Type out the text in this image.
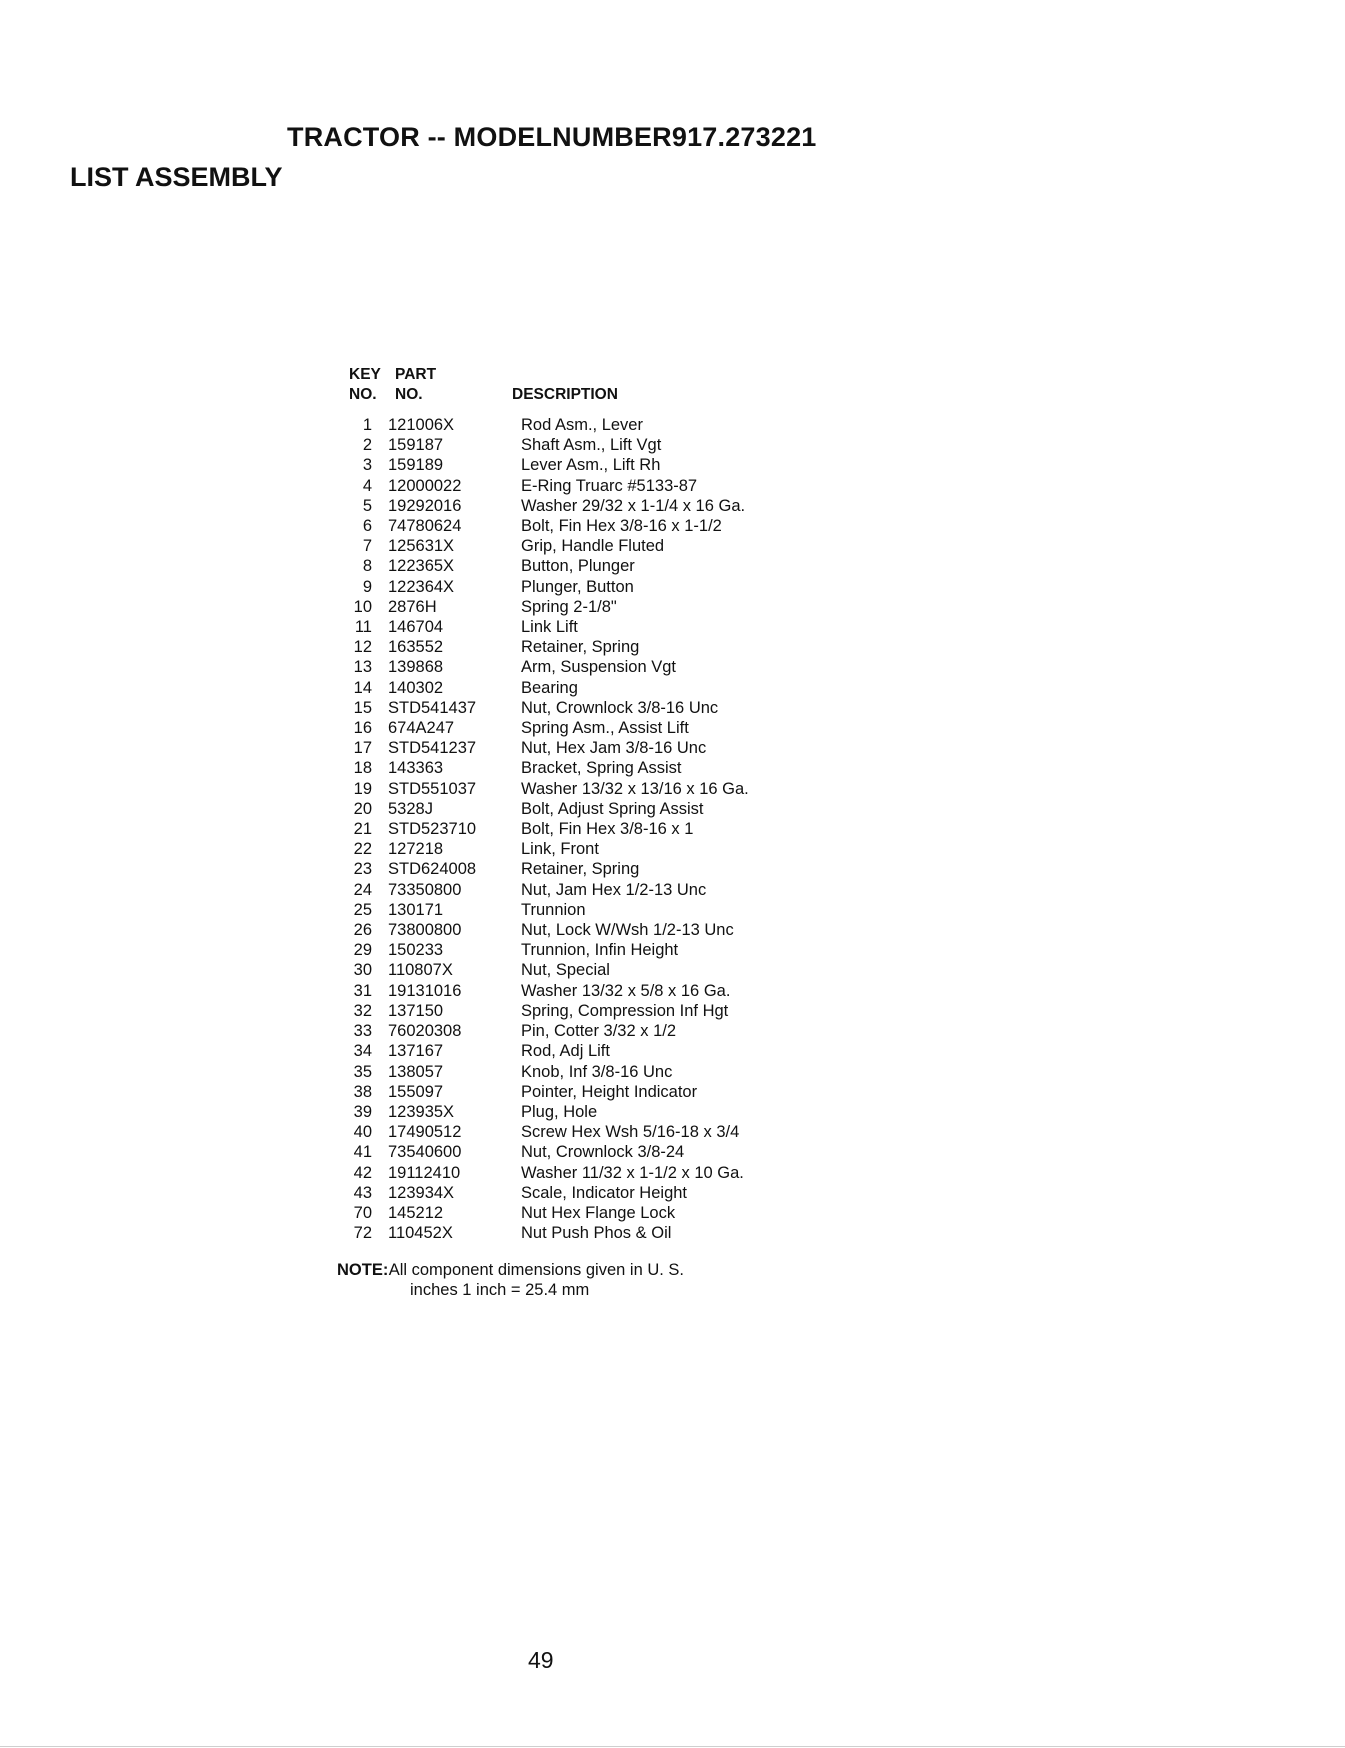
TRACTOR -- MODELNUMBER917.273221
LIST ASSEMBLY
KEY
NO.
PART
NO.	DESCRIPTION
1	121006X	Rod Asm., Lever
2	159187	Shaft Asm., Lift Vgt
3	159189	Lever Asm., Lift Rh
4	12000022	E-Ring Truarc #5133-87
5	19292016	Washer 29/32 x 1-1/4 x 16 Ga.
6	74780624	Bolt, Fin Hex 3/8-16 x 1-1/2
7	125631X	Grip, Handle Fluted
8	122365X	Button, Plunger
9	122364X	Plunger, Button
10	2876H	Spring 2-1/8"
11	146704	Link Lift
12	163552	Retainer, Spring
13	139868	Arm, Suspension Vgt
14	140302	Bearing
15	STD541437	Nut, Crownlock 3/8-16 Unc
16	674A247	Spring Asm., Assist Lift
17	STD541237	Nut, Hex Jam 3/8-16 Unc
18	143363	Bracket, Spring Assist
19	STD551037	Washer 13/32 x 13/16 x 16 Ga.
20	5328J	Bolt, Adjust Spring Assist
21	STD523710	Bolt, Fin Hex 3/8-16 x 1
22	127218	Link, Front
23	STD624008	Retainer, Spring
24	73350800	Nut, Jam Hex 1/2-13 Unc
25	130171	Trunnion
26	73800800	Nut, Lock W/Wsh 1/2-13 Unc
29	150233	Trunnion, Infin Height
30	110807X	Nut, Special
31	19131016	Washer 13/32 x 5/8 x 16 Ga.
32	137150	Spring, Compression Inf Hgt
33	76020308	Pin, Cotter 3/32 x 1/2
34	137167	Rod, Adj Lift
35	138057	Knob, Inf 3/8-16 Unc
38	155097	Pointer, Height Indicator
39	123935X	Plug, Hole
40	17490512	Screw Hex Wsh 5/16-18 x 3/4
41	73540600	Nut, Crownlock 3/8-24
42	19112410	Washer 11/32 x 1-1/2 x 10 Ga.
43	123934X	Scale, Indicator Height
70	145212	Nut Hex Flange Lock
72	110452X	Nut Push Phos & Oil
NOTE: All component dimensions given in U. S.
inches 1 inch = 25.4 mm
49
